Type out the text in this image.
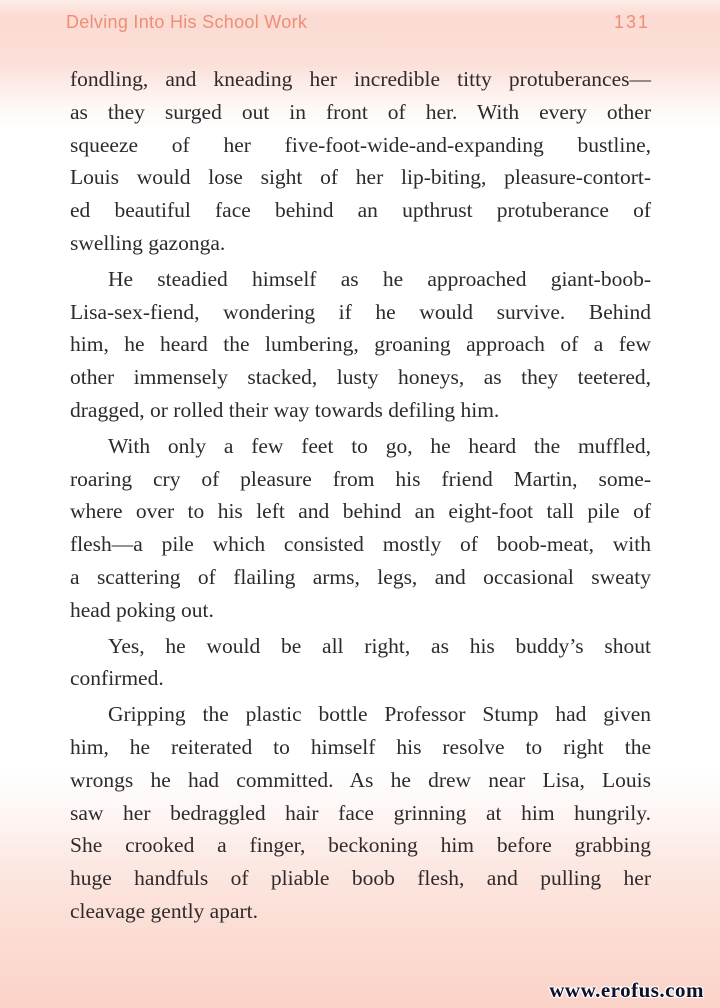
Delving Into His School Work	131
fondling, and kneading her incredible titty protuberances—
as they surged out in front of her. With every other
squeeze of her five-foot-wide-and-expanding bustline,
Louis would lose sight of her lip-biting, pleasure-contort-
ed beautiful face behind an upthrust protuberance of
swelling gazonga.
He steadied himself as he approached giant-boob-
Lisa-sex-fiend, wondering if he would survive. Behind
him, he heard the lumbering, groaning approach of a few
other immensely stacked, lusty honeys, as they teetered,
dragged, or rolled their way towards defiling him.
With only a few feet to go, he heard the muffled,
roaring cry of pleasure from his friend Martin, some-
where over to his left and behind an eight-foot tall pile of
flesh—a pile which consisted mostly of boob-meat, with
a scattering of flailing arms, legs, and occasional sweaty
head poking out.
Yes, he would be all right, as his buddy’s shout
confirmed.
Gripping the plastic bottle Professor Stump had given
him, he reiterated to himself his resolve to right the
wrongs he had committed. As he drew near Lisa, Louis
saw her bedraggled hair face grinning at him hungrily.
She crooked a finger, beckoning him before grabbing
huge handfuls of pliable boob flesh, and pulling her
cleavage gently apart.
www.erofus.com
